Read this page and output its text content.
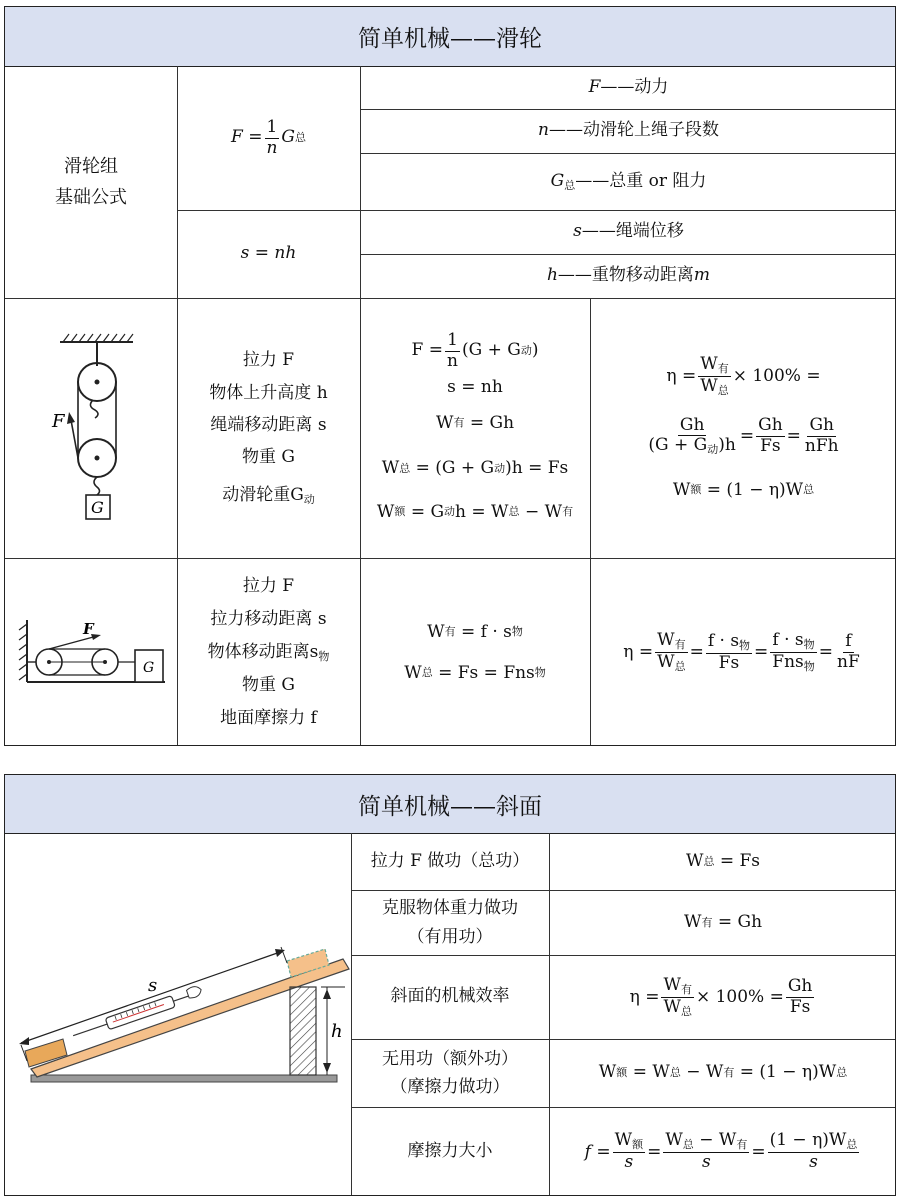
简单机械——滑轮
滑轮组
基础公式
$F = \frac{1}{n}$ G 总
s = nh
F——动力
n——动滑轮上绳子段数
$G_总——$总重 or 阻力
s——绳端位移
h——重物移动距离m
F
G
拉力 F
物体上升高度 h
绳端移动距离 s
物重 G
动滑轮重$G_动$
$F = \frac{1}{n} (G + G$ 动 )
s = nh
W 有
= Gh
W 总
= (G + G 动 )h = Fs
W 额
= G 动 h = W 总
− W 有
$\eta = \frac{W_有}{W_总} \times 100\%$ =
$\frac{Gh}{(G + G_动)h} = \frac{Gh}{Fs} = \frac{Gh}{\text{nFh}}$
W 额
= (1 − η)W 总
F
G
拉力 F
拉力移动距离 s
物体移动距离$s_物$
物重 G
地面摩擦力 f
W 有
= f · s 物
W 总
= Fs = Fns 物
$\eta = \frac{W_有}{W_总} = \frac{f \cdot s_物}{Fs} = \frac{f \cdot s_物}{Fns_物} = \frac{f}{nF}$
简单机械——斜面
s
h
拉力 F 做功（总功）
克服物体重力做功
（有用功）
斜面的机械效率
无用功（额外功）
（摩擦力做功）
摩擦力大小
W 总
= Fs
W 有
= Gh
$\eta = \frac{W_有}{W_总} \times 100\% = \frac{Gh}{Fs}$
W 额
= W 总
− W 有
= (1 − η)W 总
f
= $\frac{W_额}{s} = \frac{W_总 - W_有}{s} = \frac{(1 - \eta)W_总}{s}$
